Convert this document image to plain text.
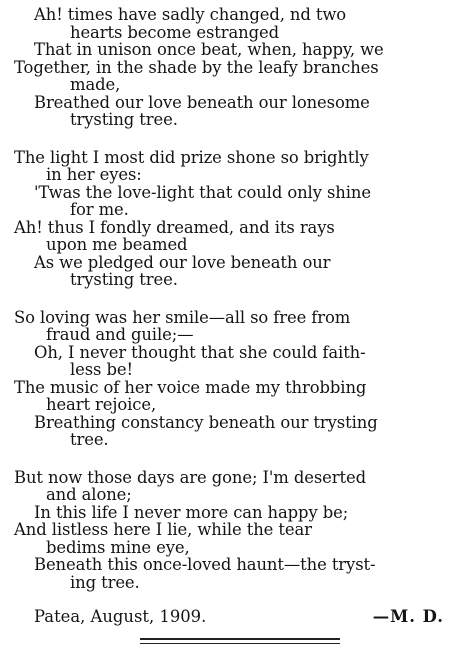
Ah! times have sadly changed, nd two
hearts become estranged
That in unison once beat, when, happy, we
Together, in the shade by the leafy branches
made,
Breathed our love beneath our lonesome
trysting tree.
The light I most did prize shone so brightly
in her eyes:
'Twas the love-light that could only shine
for me.
Ah! thus I fondly dreamed, and its rays
upon me beamed
As we pledged our love beneath our
trysting tree.
So loving was her smile—all so free from
fraud and guile;—
Oh, I never thought that she could faith-
less be!
The music of her voice made my throbbing
heart rejoice,
Breathing constancy beneath our trysting
tree.
But now those days are gone; I'm deserted
and alone;
In this life I never more can happy be;
And listless here I lie, while the tear
bedims mine eye,
Beneath this once-loved haunt—the tryst-
ing tree.
Patea, August, 1909.	—M. D.
